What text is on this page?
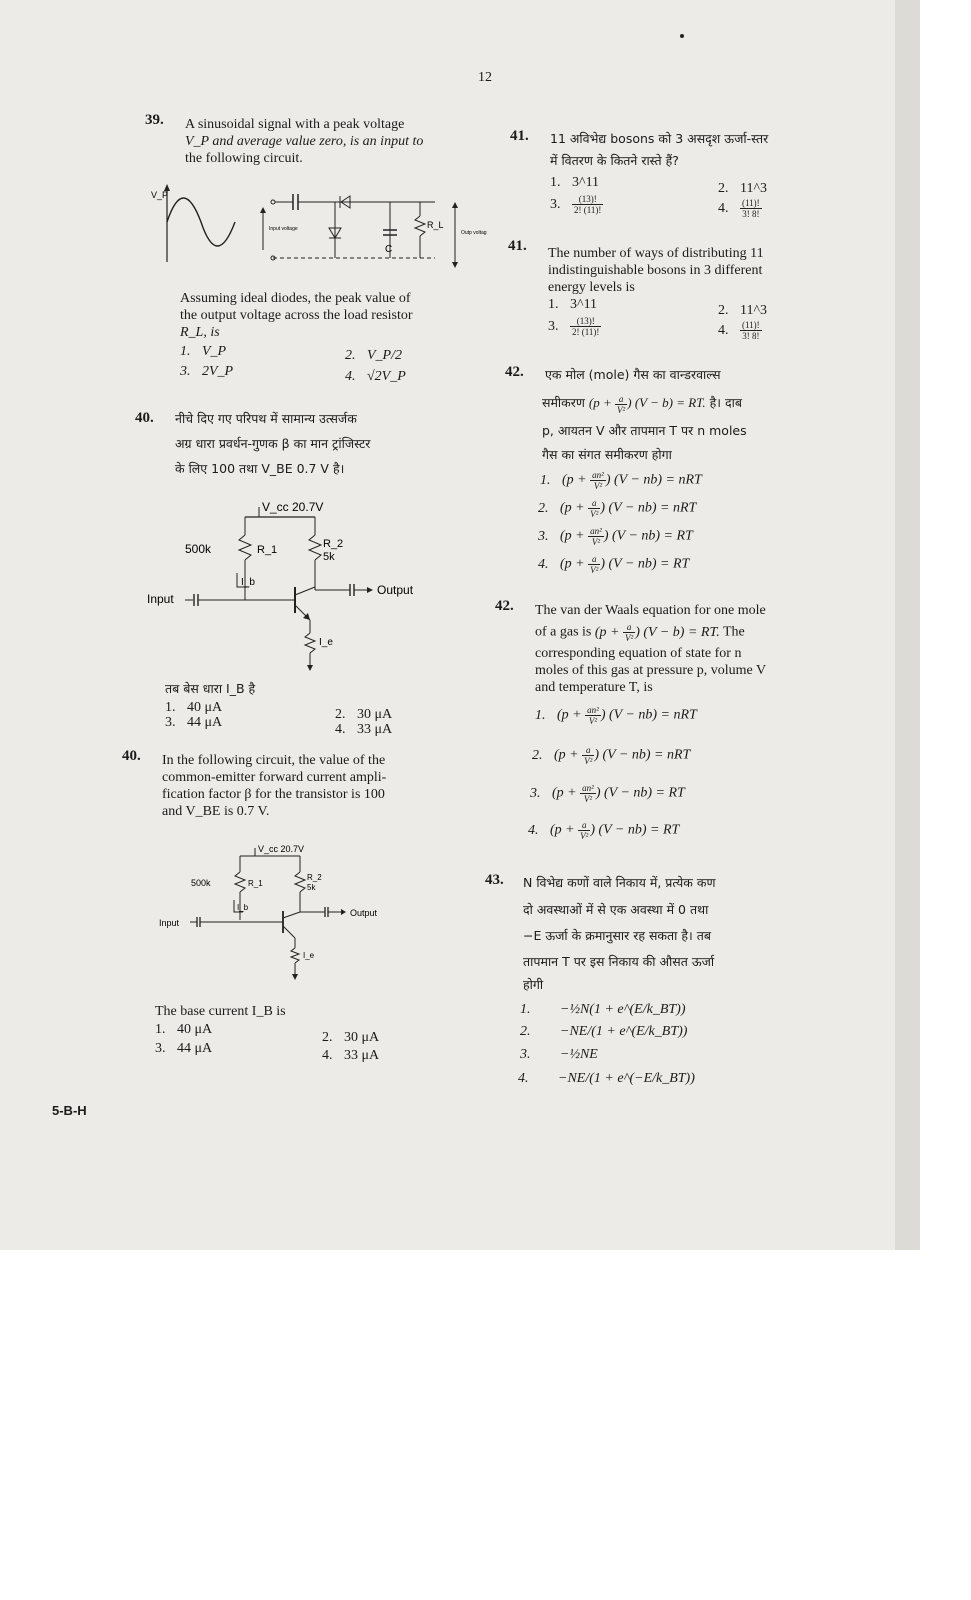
12
39. A sinusoidal signal with a peak voltage
V_P and average value zero, is an input to
the following circuit.
V_P
C
R_L
Input voltage
Outp voltag
Assuming ideal diodes, the peak value of
the output voltage across the load resistor
R_L, is
1. V_P	2. V_P/2
3. 2V_P	4. √2V_P
40. नीचे दिए गए परिपथ में सामान्य उत्सर्जक
अग्र धारा प्रवर्धन-गुणक β का मान ट्रांजिस्टर
के लिए 100 तथा V_BE 0.7 V है।
V_cc 20.7V
500k	R_1	R_2
5k
I_b
Input
Output
I_e
तब बेस धारा I_B है
1. 40 μA	2. 30 μA
3. 44 μA	4. 33 μA
40. In the following circuit, the value of the
common-emitter forward current ampli-
fication factor β for the transistor is 100
and V_BE is 0.7 V.
V_cc 20.7V
500k	R_1
R_2
5k
I_b
Input
Output
I_e
The base current I_B is
1. 40 μA
2. 30 μA
3. 44 μA	4. 33 μA
5-B-H
41. 11 अविभेद्य bosons को 3 असदृश ऊर्जा-स्तर
में वितरण के कितने रास्ते हैं?
1. 3^11	2. 11^3
3. $\frac{(13)!}{2! (11)!}$	4. $\frac{(11)!}{3! 8!}$
41. The number of ways of distributing 11
indistinguishable bosons in 3 different
energy levels is
1. 3^11	2. 11^3
3. $\frac{(13)!}{2! (11)!}$	4. $\frac{(11)!}{3! 8!}$
42. एक मोल (mole) गैस का वान्डरवाल्स
समीकरण ($p + \frac{a}{\text{V²}}$ ) (V − b) = RT. है। दाब
p, आयतन V और तापमान T पर n moles
गैस का संगत समीकरण होगा
1. ($p + \frac{\text{an²}}{\text{V²}}$ ) (V − nb) = nRT
2. ($p + \frac{a}{\text{V²}}$ ) (V − nb) = nRT
3. ($p + \frac{\text{an²}}{\text{V²}}$ ) (V − nb) = RT
4. ($p + \frac{a}{\text{V²}}$ ) (V − nb) = RT
42. The van der Waals equation for one mole
of a gas is ($p + \frac{a}{\text{V²}}$ ) (V − b) = RT. The
corresponding equation of state for n
moles of this gas at pressure p, volume V
and temperature T, is
1. ($p + \frac{\text{an²}}{\text{V²}}$ ) (V − nb) = nRT
2. ($p + \frac{a}{\text{V²}}$ ) (V − nb) = nRT
3. ($p + \frac{\text{an²}}{\text{V²}}$ ) (V − nb) = RT
4. ($p + \frac{a}{\text{V²}}$ ) (V − nb) = RT
43. N विभेद्य कणों वाले निकाय में, प्रत्येक कण
दो अवस्थाओं में से एक अवस्था में 0 तथा
−E ऊर्जा के क्रमानुसार रह सकता है। तब
तापमान T पर इस निकाय की औसत ऊर्जा
होगी
1. −½N(1 + e^(E/k_BT))
2. −NE/(1 + e^(E/k_BT))
3. −½NE
4. −NE/(1 + e^(−E/k_BT))
